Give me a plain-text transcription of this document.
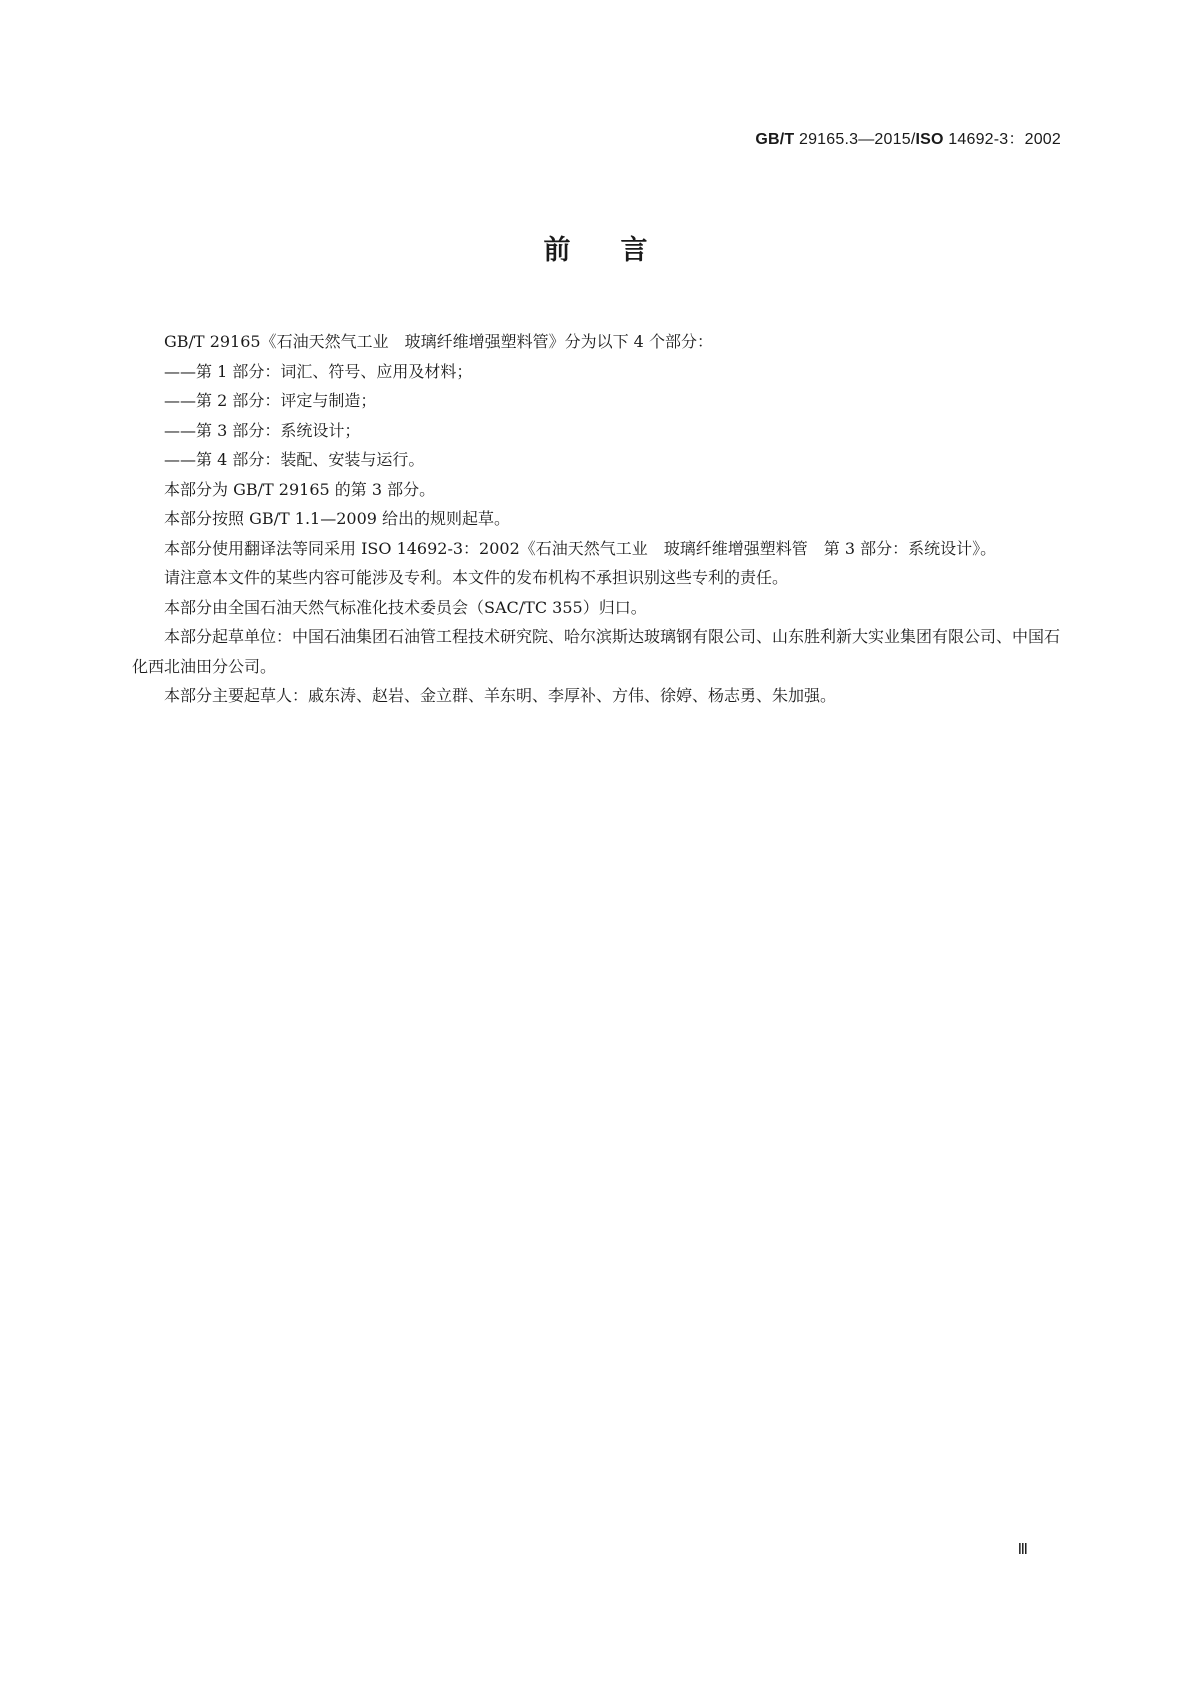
GB/T 29165.3—2015/ISO 14692-3：2002
前言

GB/T 29165《石油天然气工业　玻璃纤维增强塑料管》分为以下 4 个部分：

——第 1 部分：词汇、符号、应用及材料；

——第 2 部分：评定与制造；

——第 3 部分：系统设计；

——第 4 部分：装配、安装与运行。

本部分为 GB/T 29165 的第 3 部分。

本部分按照 GB/T 1.1—2009 给出的规则起草。

本部分使用翻译法等同采用 ISO 14692-3：2002《石油天然气工业　玻璃纤维增强塑料管　第 3 部分：系统设计》。

请注意本文件的某些内容可能涉及专利。本文件的发布机构不承担识别这些专利的责任。

本部分由全国石油天然气标准化技术委员会（SAC/TC 355）归口。

本部分起草单位：中国石油集团石油管工程技术研究院、哈尔滨斯达玻璃钢有限公司、山东胜利新大实业集团有限公司、中国石化西北油田分公司。

本部分主要起草人：戚东涛、赵岩、金立群、羊东明、李厚补、方伟、徐婷、杨志勇、朱加强。

Ⅲ
